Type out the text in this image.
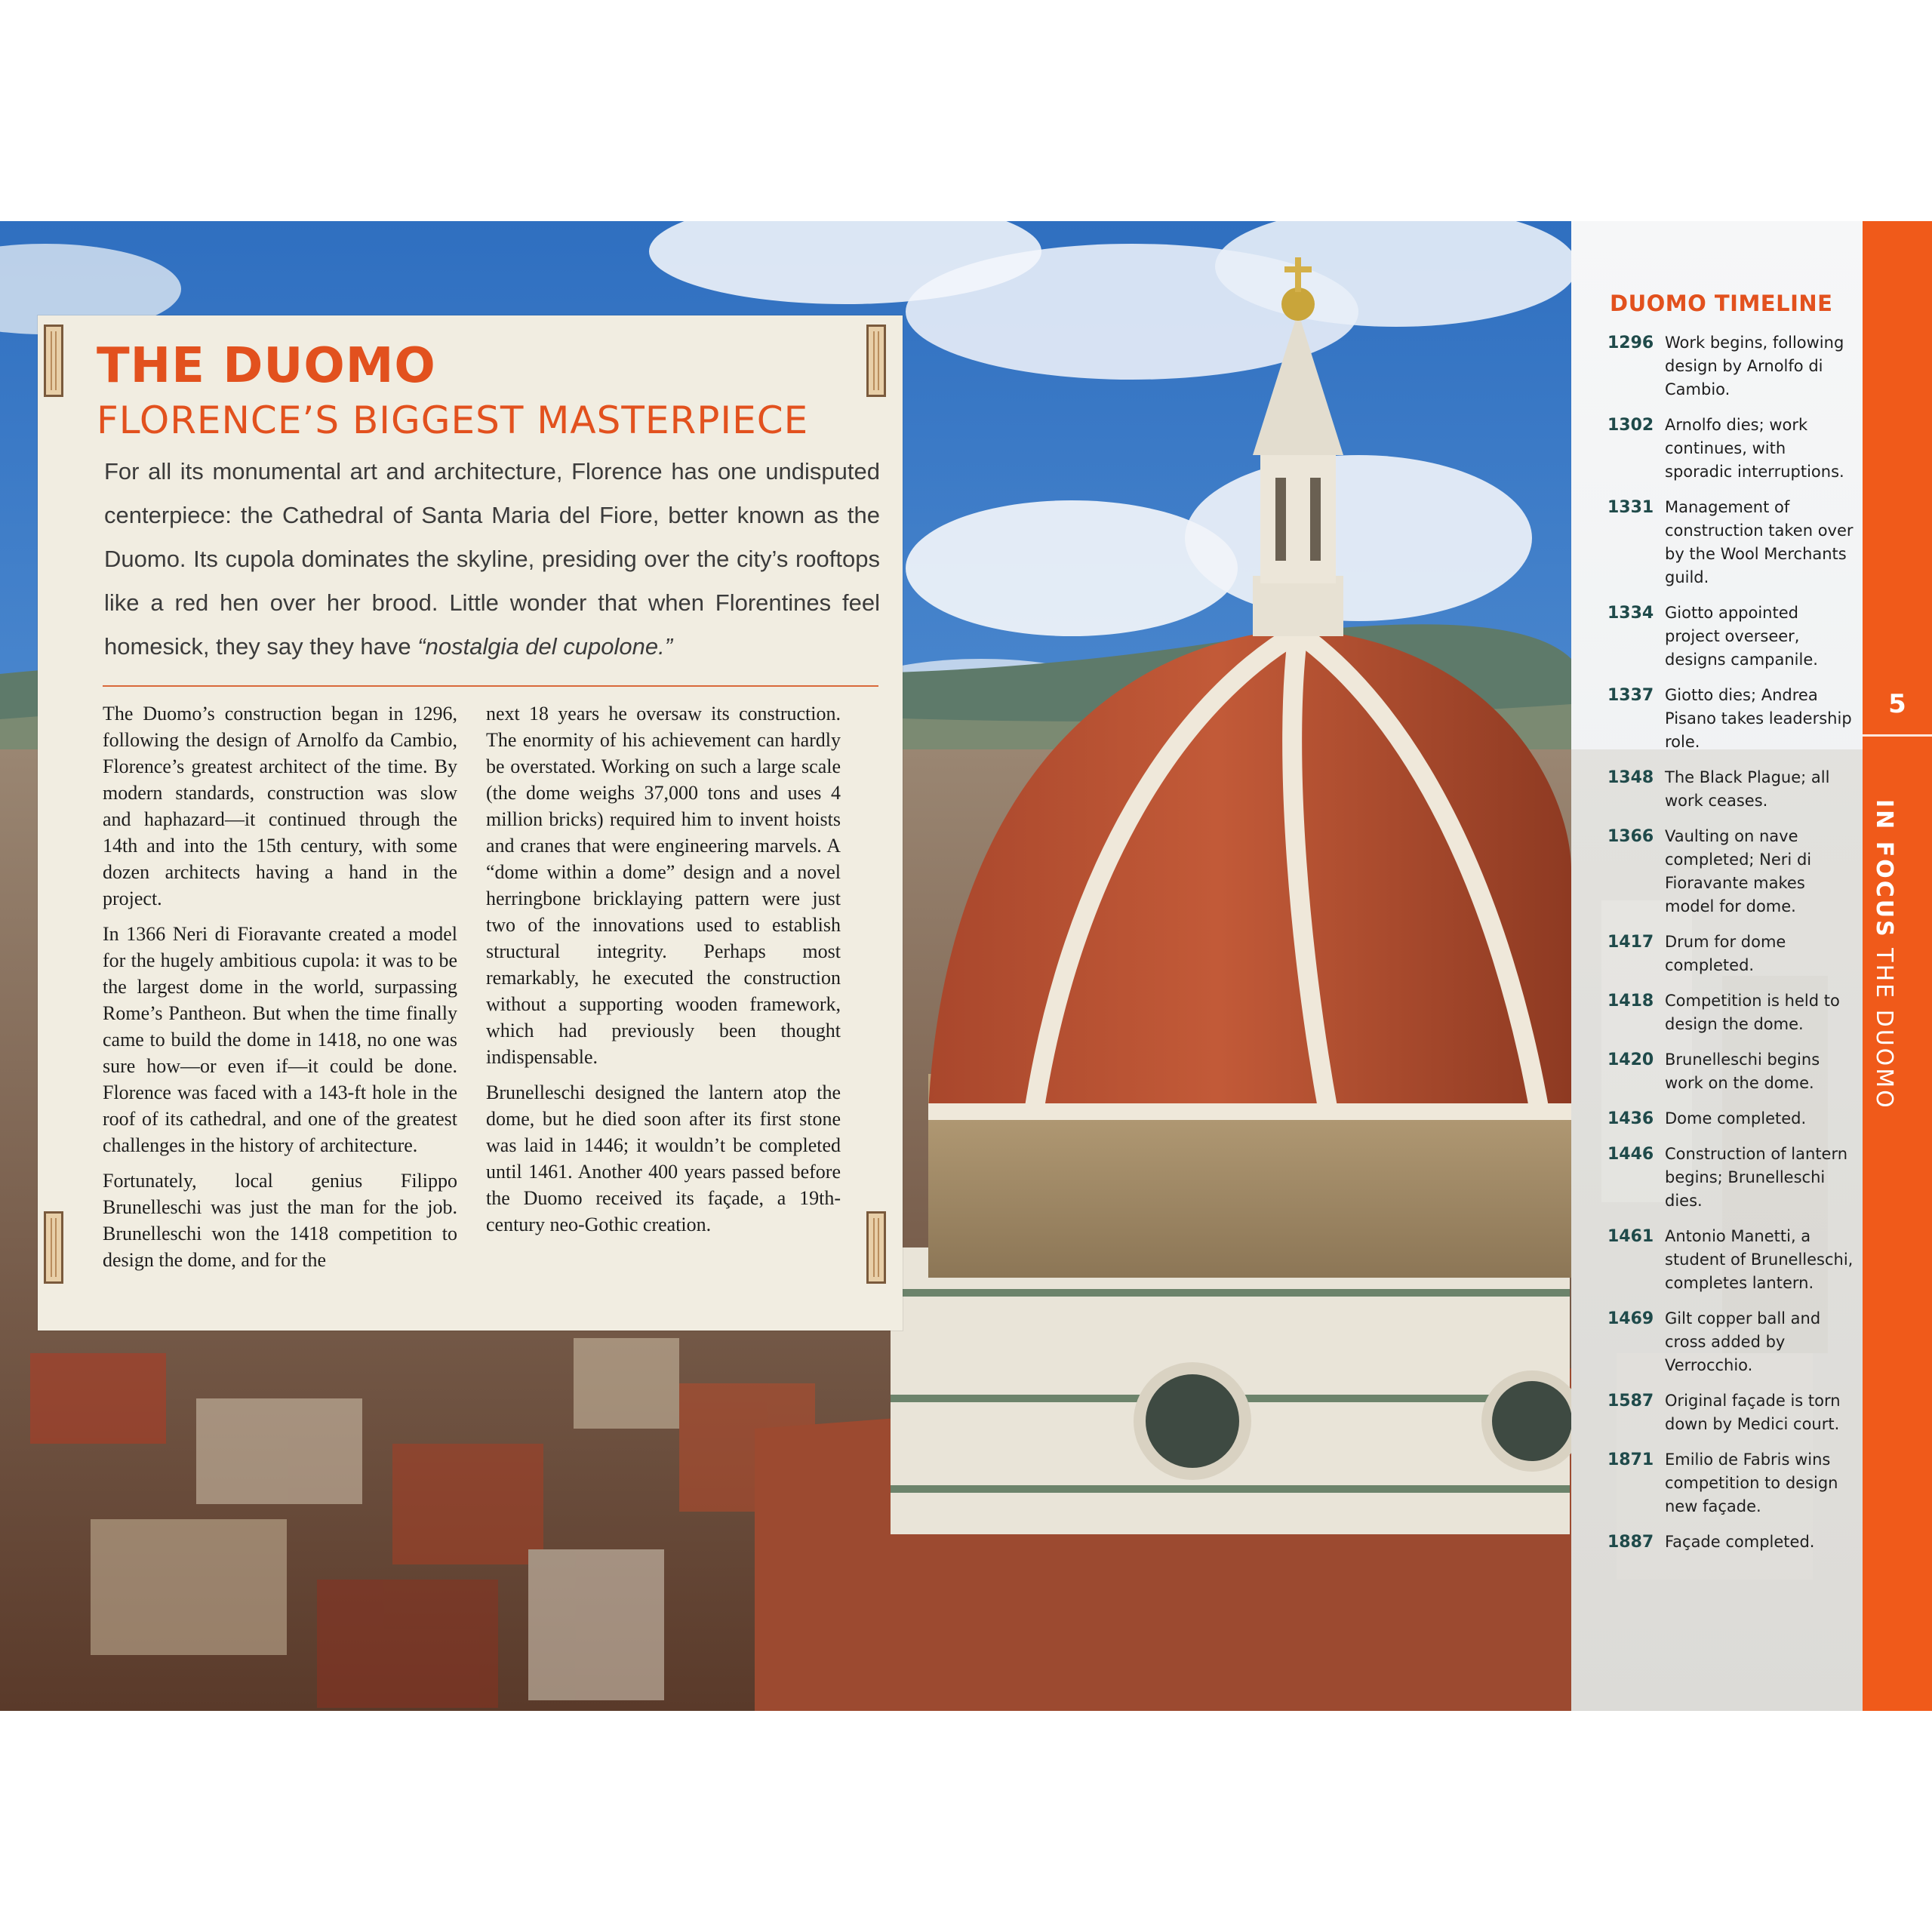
THE DUOMO
FLORENCE’S BIGGEST MASTERPIECE
For all its monumental art and architecture, Florence has one undisputed centerpiece: the Cathedral of Santa Maria del Fiore, better known as the Duomo. Its cupola dominates the skyline, presiding over the city’s rooftops like a red hen over her brood. Little wonder that when Florentines feel homesick, they say they have “nostalgia del cupolone.”

The Duomo’s construction began in 1296, following the design of Arnolfo da Cambio, Florence’s greatest architect of the time. By modern standards, construction was slow and haphazard—it continued through the 14th and into the 15th century, with some dozen architects having a hand in the project.

In 1366 Neri di Fioravante created a model for the hugely ambitious cupola: it was to be the largest dome in the world, surpassing Rome’s Pantheon. But when the time finally came to build the dome in 1418, no one was sure how—or even if—it could be done. Florence was faced with a 143-ft hole in the roof of its cathedral, and one of the greatest challenges in the history of architecture.

Fortunately, local genius Filippo Brunelleschi was just the man for the job. Brunelleschi won the 1418 competition to design the dome, and for the

next 18 years he oversaw its construction. The enormity of his achievement can hardly be overstated. Working on such a large scale (the dome weighs 37,000 tons and uses 4 million bricks) required him to invent hoists and cranes that were engineering marvels. A “dome within a dome” design and a novel herringbone bricklaying pattern were just two of the innovations used to establish structural integrity. Perhaps most remarkably, he executed the construction without a supporting wooden framework, which had previously been thought indispensable.

Brunelleschi designed the lantern atop the dome, but he died soon after its first stone was laid in 1446; it wouldn’t be completed until 1461. Another 400 years passed before the Duomo received its façade, a 19th-century neo-Gothic creation.

DUOMO TIMELINE
1296 Work begins, following design by Arnolfo di Cambio.
1302 Arnolfo dies; work continues, with sporadic interruptions.
1331 Management of construction taken over by the Wool Merchants guild.
1334 Giotto appointed project overseer, designs campanile.
1337 Giotto dies; Andrea Pisano takes leadership role.
1348 The Black Plague; all work ceases.
1366 Vaulting on nave completed; Neri di Fioravante makes model for dome.
1417 Drum for dome completed.
1418 Competition is held to design the dome.
1420 Brunelleschi begins work on the dome.
1436 Dome completed.
1446 Construction of lantern begins; Brunelleschi dies.
1461 Antonio Manetti, a student of Brunelleschi, completes lantern.
1469 Gilt copper ball and cross added by Verrocchio.
1587 Original façade is torn down by Medici court.
1871 Emilio de Fabris wins competition to design new façade.
1887 Façade completed.
5
IN FOCUS THE DUOMO
